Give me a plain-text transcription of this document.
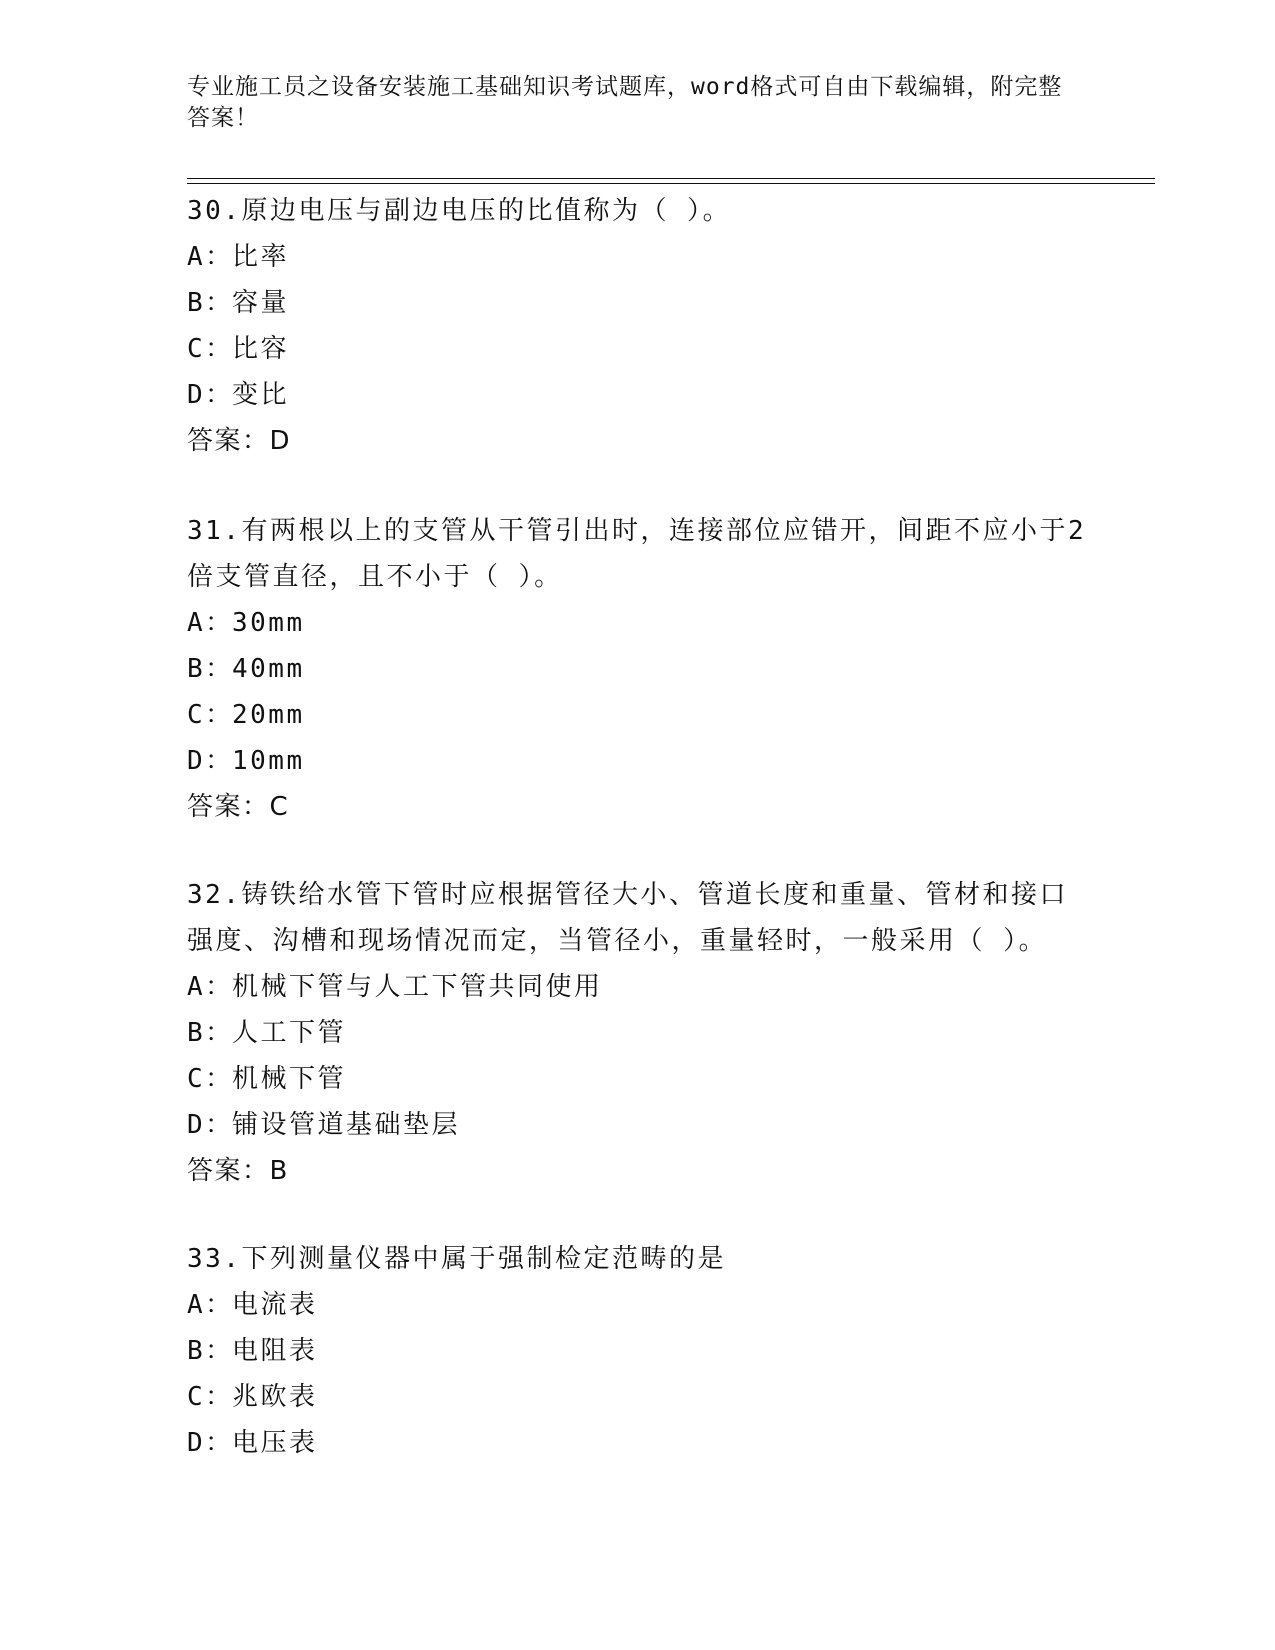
专业施工员之设备安装施工基础知识考试题库，word格式可自由下载编辑，附完整答案！
30.原边电压与副边电压的比值称为（ ）。
A：
比率
B：
容量
C：
比容
D：
变比
答案：D
31.有两根以上的支管从干管引出时，连接部位应错开，间距不应小于2倍支管直径，且不小于（ ）。
A：
30mm
B：
40mm
C：
20mm
D：
10mm
答案：C
32.铸铁给水管下管时应根据管径大小、管道长度和重量、管材和接口强度、沟槽和现场情况而定，当管径小，重量轻时，一般采用（ ）。
A：
机械下管与人工下管共同使用
B：
人工下管
C：
机械下管
D：
铺设管道基础垫层
答案：B
33.下列测量仪器中属于强制检定范畴的是
A：
电流表
B：
电阻表
C：
兆欧表
D：
电压表
